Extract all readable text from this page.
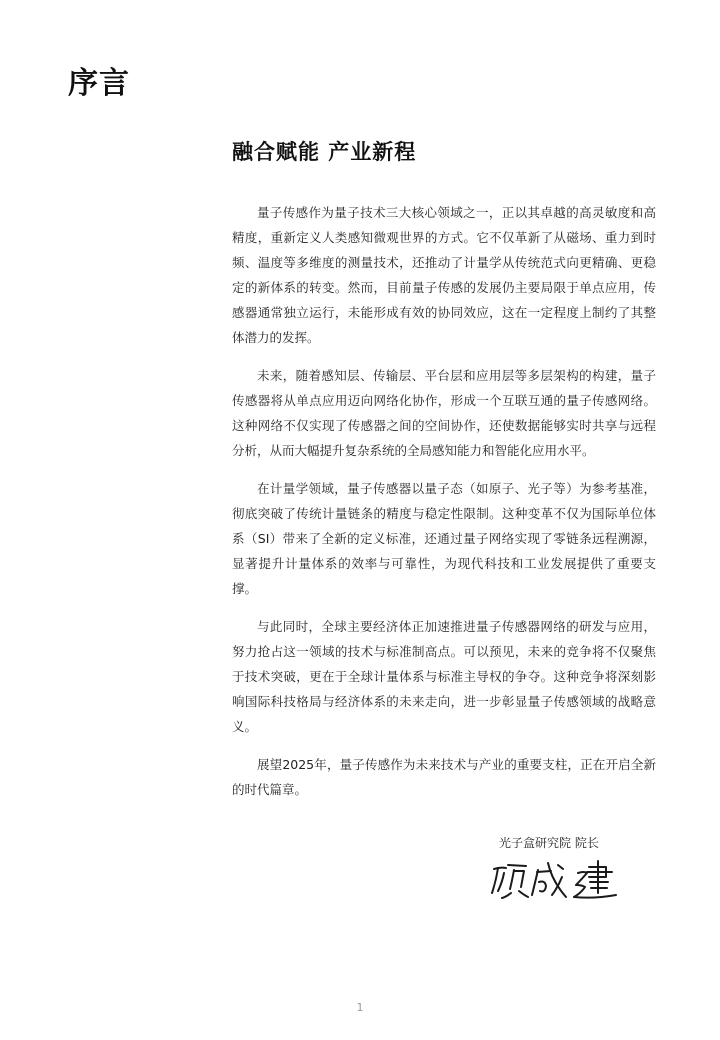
序言
融合赋能 产业新程

量子传感作为量子技术三大核心领域之一，正以其卓越的高灵敏度和高精度，重新定义人类感知微观世界的方式。它不仅革新了从磁场、重力到时频、温度等多维度的测量技术，还推动了计量学从传统范式向更精确、更稳定的新体系的转变。然而，目前量子传感的发展仍主要局限于单点应用，传感器通常独立运行，未能形成有效的协同效应，这在一定程度上制约了其整体潜力的发挥。

未来，随着感知层、传输层、平台层和应用层等多层架构的构建，量子传感器将从单点应用迈向网络化协作，形成一个互联互通的量子传感网络。这种网络不仅实现了传感器之间的空间协作，还使数据能够实时共享与远程分析，从而大幅提升复杂系统的全局感知能力和智能化应用水平。

在计量学领域，量子传感器以量子态（如原子、光子等）为参考基准，彻底突破了传统计量链条的精度与稳定性限制。这种变革不仅为国际单位体系（SI）带来了全新的定义标准，还通过量子网络实现了零链条远程溯源，显著提升计量体系的效率与可靠性，为现代科技和工业发展提供了重要支撑。

与此同时，全球主要经济体正加速推进量子传感器网络的研发与应用，努力抢占这一领域的技术与标准制高点。可以预见，未来的竞争将不仅聚焦于技术突破，更在于全球计量体系与标准主导权的争夺。这种竞争将深刻影响国际科技格局与经济体系的未来走向，进一步彰显量子传感领域的战略意义。

展望2025年，量子传感作为未来技术与产业的重要支柱，正在开启全新的时代篇章。

光子盒研究院 院长
1
